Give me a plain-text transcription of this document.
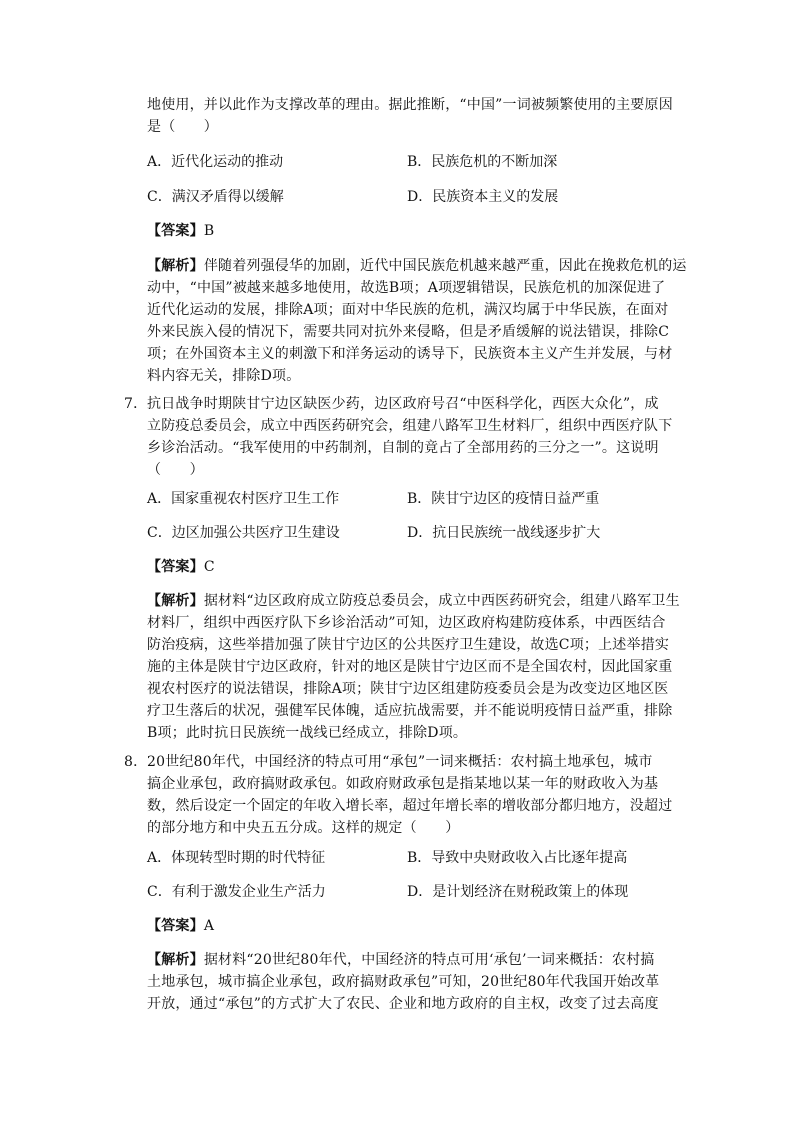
地使用，并以此作为支撑改革的理由。据此推断，“中国”一词被频繁使用的主要原因
是（　　）
A．近代化运动的推动	B．民族危机的不断加深
C．满汉矛盾得以缓解	D．民族资本主义的发展
【答案】B
【解析】伴随着列强侵华的加剧，近代中国民族危机越来越严重，因此在挽救危机的运
动中，“中国”被越来越多地使用，故选B项；A项逻辑错误，民族危机的加深促进了
近代化运动的发展，排除A项；面对中华民族的危机，满汉均属于中华民族，在面对
外来民族入侵的情况下，需要共同对抗外来侵略，但是矛盾缓解的说法错误，排除C
项；在外国资本主义的刺激下和洋务运动的诱导下，民族资本主义产生并发展，与材
料内容无关，排除D项。
7． 抗日战争时期陕甘宁边区缺医少药，边区政府号召“中医科学化，西医大众化”，成
立防疫总委员会，成立中西医药研究会，组建八路军卫生材料厂，组织中西医疗队下
乡诊治活动。“我军使用的中药制剂，自制的竟占了全部用药的三分之一”。这说明
（　　）
A．国家重视农村医疗卫生工作	B．陕甘宁边区的疫情日益严重
C．边区加强公共医疗卫生建设	D．抗日民族统一战线逐步扩大
【答案】C
【解析】据材料“边区政府成立防疫总委员会，成立中西医药研究会，组建八路军卫生
材料厂，组织中西医疗队下乡诊治活动”可知，边区政府构建防疫体系，中西医结合
防治疫病，这些举措加强了陕甘宁边区的公共医疗卫生建设，故选C项；上述举措实
施的主体是陕甘宁边区政府，针对的地区是陕甘宁边区而不是全国农村，因此国家重
视农村医疗的说法错误，排除A项；陕甘宁边区组建防疫委员会是为改变边区地区医
疗卫生落后的状况，强健军民体魄，适应抗战需要，并不能说明疫情日益严重，排除
B项；此时抗日民族统一战线已经成立，排除D项。
8． 20世纪80年代，中国经济的特点可用“承包”一词来概括：农村搞土地承包，城市
搞企业承包，政府搞财政承包。如政府财政承包是指某地以某一年的财政收入为基
数，然后设定一个固定的年收入增长率，超过年增长率的增收部分都归地方，没超过
的部分地方和中央五五分成。这样的规定（　　）
A．体现转型时期的时代特征	B．导致中央财政收入占比逐年提高
C．有利于激发企业生产活力	D．是计划经济在财税政策上的体现
【答案】A
【解析】据材料“20世纪80年代，中国经济的特点可用‘承包’一词来概括：农村搞
土地承包，城市搞企业承包，政府搞财政承包”可知，20世纪80年代我国开始改革
开放，通过“承包”的方式扩大了农民、企业和地方政府的自主权，改变了过去高度
